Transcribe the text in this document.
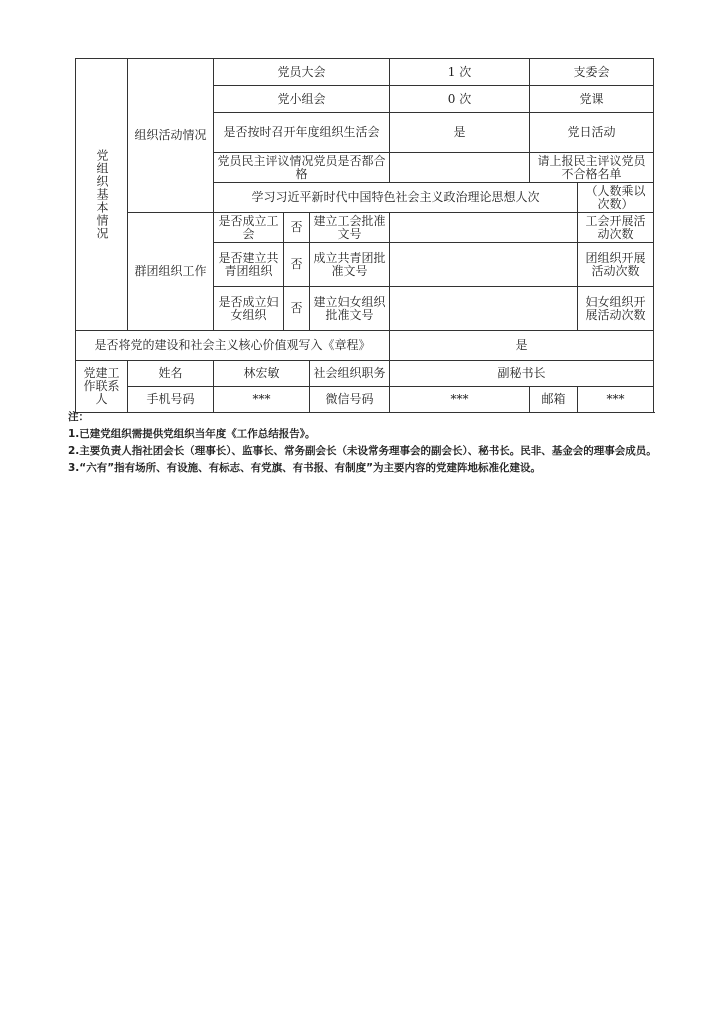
党组织基本情况	组织活动情况	党员大会			1 次	支委会	
		党小组会			0 次	党课	
		是否按时召开年度组织生活会			是	党日活动	
		党员民主评议情况党员是否都合格				请上报民主评议党员不合格名单		
		学习习近平新时代中国特色社会主义政治理论思想人次					（人数乘以次数）	
	群团组织工作	是否成立工会	否	建立工会批准文号			工会开展活动次数	
		是否建立共青团组织	否	成立共青团批准文号			团组织开展活动次数	
		是否成立妇女组织	否	建立妇女组织批准文号			妇女组织开展活动次数	

是否将党的建设和社会主义核心价值观写入《章程》					是			
党建工作联系人	姓名	林宏敏		社会组织职务	副秘书长			
	手机号码	***		微信号码	***	邮箱	***	

注：

1.已建党组织需提供党组织当年度《工作总结报告》。

2.主要负责人指社团会长（理事长）、监事长、常务副会长（未设常务理事会的副会长）、秘书长。民非、基金会的理事会成员。

3.“六有”指有场所、有设施、有标志、有党旗、有书报、有制度”为主要内容的党建阵地标准化建设。
